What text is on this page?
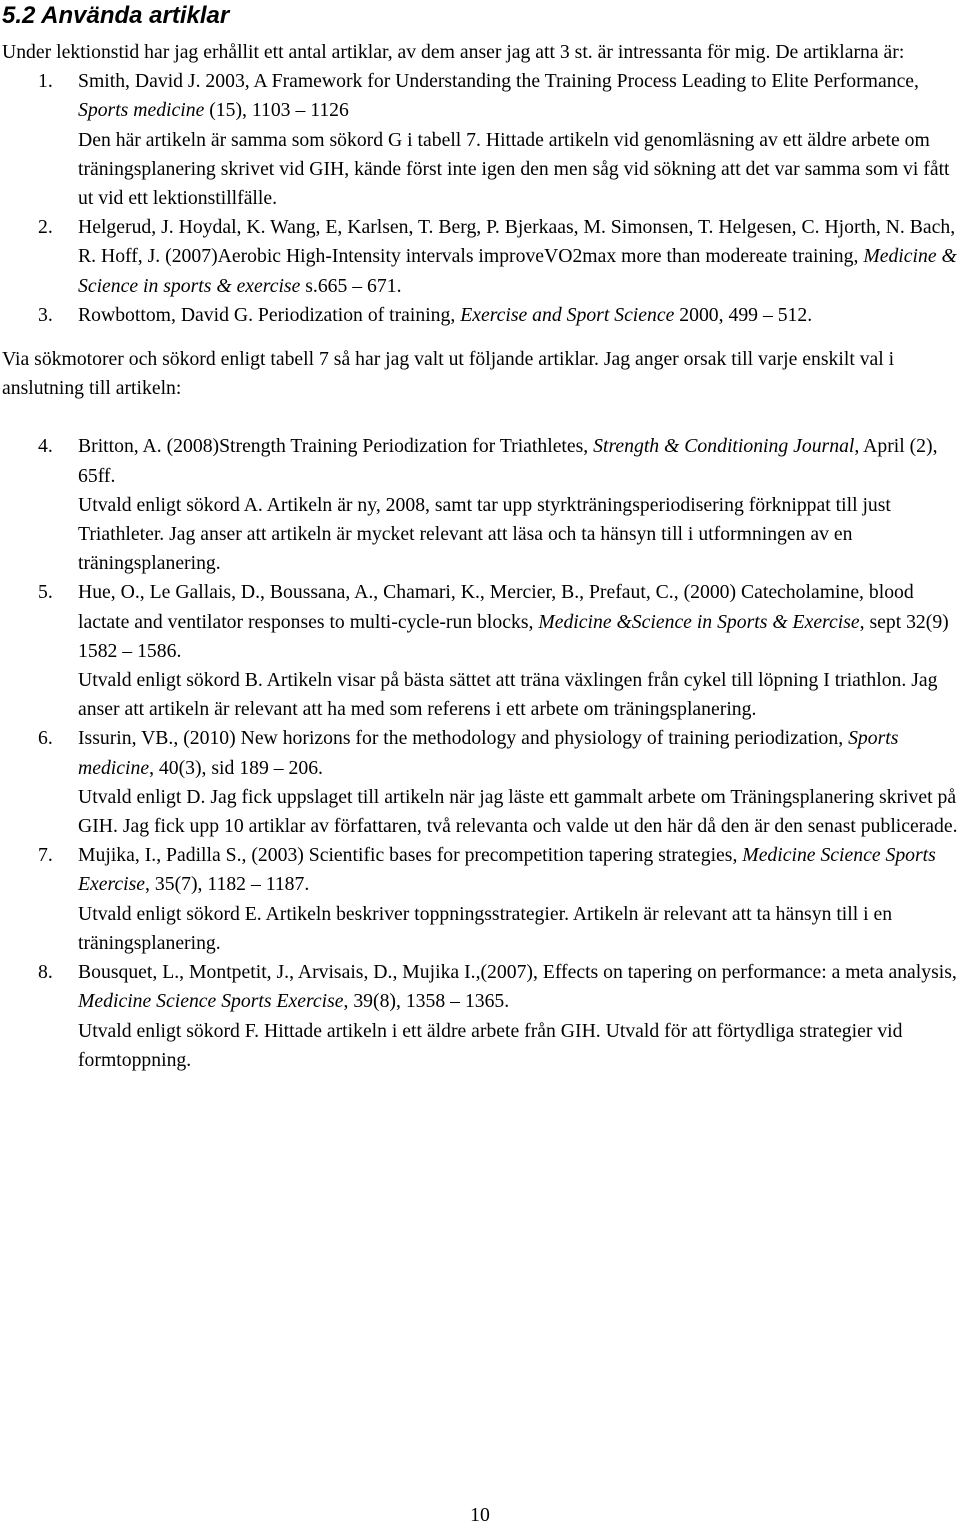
5.2 Använda artiklar

Under lektionstid har jag erhållit ett antal artiklar, av dem anser jag att 3 st. är intressanta för mig. De artiklarna är:

1. Smith, David J. 2003, A Framework for Understanding the Training Process Leading to Elite Performance, Sports medicine (15), 1103 – 1126
Den här artikeln är samma som sökord G i tabell 7. Hittade artikeln vid genomläsning av ett äldre arbete om träningsplanering skrivet vid GIH, kände först inte igen den men såg vid sökning att det var samma som vi fått ut vid ett lektionstillfälle.
2. Helgerud, J. Hoydal, K. Wang, E, Karlsen, T. Berg, P. Bjerkaas, M. Simonsen, T. Helgesen, C. Hjorth, N. Bach, R. Hoff, J. (2007)Aerobic High-Intensity intervals improveVO2max more than modereate training, Medicine & Science in sports & exercise s.665 – 671.
3. Rowbottom, David G. Periodization of training, Exercise and Sport Science 2000, 499 – 512.

Via sökmotorer och sökord enligt tabell 7 så har jag valt ut följande artiklar. Jag anger orsak till varje enskilt val i anslutning till artikeln:

4. Britton, A. (2008)Strength Training Periodization for Triathletes, Strength & Conditioning Journal, April (2), 65ff.
Utvald enligt sökord A. Artikeln är ny, 2008, samt tar upp styrkträningsperiodisering förknippat till just Triathleter. Jag anser att artikeln är mycket relevant att läsa och ta hänsyn till i utformningen av en träningsplanering.
5. Hue, O., Le Gallais, D., Boussana, A., Chamari, K., Mercier, B., Prefaut, C., (2000) Catecholamine, blood lactate and ventilator responses to multi-cycle-run blocks, Medicine &Science in Sports & Exercise, sept 32(9) 1582 – 1586.
Utvald enligt sökord B. Artikeln visar på bästa sättet att träna växlingen från cykel till löpning I triathlon. Jag anser att artikeln är relevant att ha med som referens i ett arbete om träningsplanering.
6. Issurin, VB., (2010) New horizons for the methodology and physiology of training periodization, Sports medicine, 40(3), sid 189 – 206.
Utvald enligt D. Jag fick uppslaget till artikeln när jag läste ett gammalt arbete om Träningsplanering skrivet på GIH. Jag fick upp 10 artiklar av författaren, två relevanta och valde ut den här då den är den senast publicerade.
7. Mujika, I., Padilla S., (2003) Scientific bases for precompetition tapering strategies, Medicine Science Sports Exercise, 35(7), 1182 – 1187.
Utvald enligt sökord E. Artikeln beskriver toppningsstrategier. Artikeln är relevant att ta hänsyn till i en träningsplanering.
8. Bousquet, L., Montpetit, J., Arvisais, D., Mujika I.,(2007), Effects on tapering on performance: a meta analysis, Medicine Science Sports Exercise, 39(8), 1358 – 1365.
Utvald enligt sökord F. Hittade artikeln i ett äldre arbete från GIH. Utvald för att förtydliga strategier vid formtoppning.
10
